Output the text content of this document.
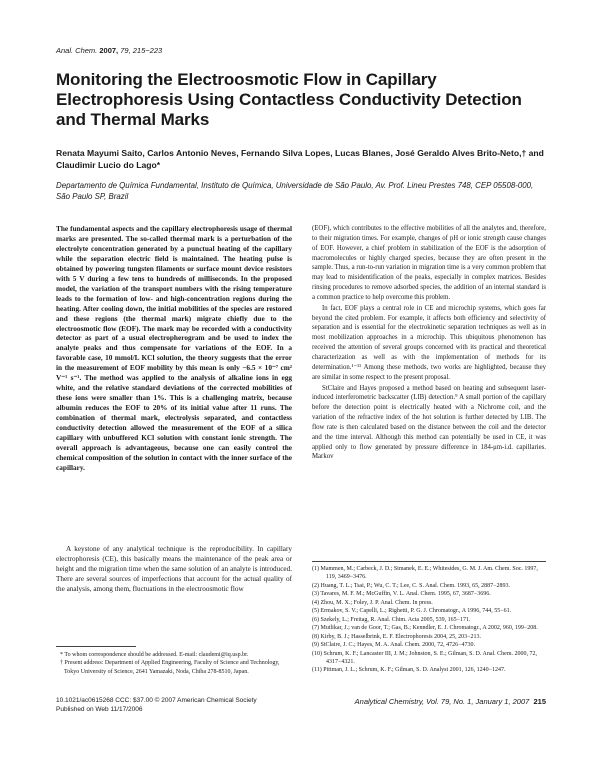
Anal. Chem. 2007, 79, 215−223
Monitoring the Electroosmotic Flow in Capillary Electrophoresis Using Contactless Conductivity Detection and Thermal Marks
Renata Mayumi Saito, Carlos Antonio Neves, Fernando Silva Lopes, Lucas Blanes, José Geraldo Alves Brito-Neto,† and Claudimir Lucio do Lago*
Departamento de Química Fundamental, Instituto de Química, Universidade de São Paulo, Av. Prof. Lineu Prestes 748, CEP 05508-000, São Paulo SP, Brazil
The fundamental aspects and the capillary electrophoresis usage of thermal marks are presented. The so-called thermal mark is a perturbation of the electrolyte concentration generated by a punctual heating of the capillary while the separation electric field is maintained. The heating pulse is obtained by powering tungsten filaments or surface mount device resistors with 5 V during a few tens to hundreds of milliseconds. In the proposed model, the variation of the transport numbers with the rising temperature leads to the formation of low- and high-concentration regions during the heating. After cooling down, the initial mobilities of the species are restored and these regions (the thermal mark) migrate chiefly due to the electroosmotic flow (EOF). The mark may be recorded with a conductivity detector as part of a usual electropherogram and be used to index the analyte peaks and thus compensate for variations of the EOF. In a favorable case, 10 mmol/L KCl solution, the theory suggests that the error in the measurement of EOF mobility by this mean is only −6.5 × 10⁻⁷ cm² V⁻¹ s⁻¹. The method was applied to the analysis of alkaline ions in egg white, and the relative standard deviations of the corrected mobilities of these ions were smaller than 1%. This is a challenging matrix, because albumin reduces the EOF to 20% of its initial value after 11 runs. The combination of thermal mark, electrolysis separated, and contactless conductivity detection allowed the measurement of the EOF of a silica capillary with unbuffered KCl solution with constant ionic strength. The overall approach is advantageous, because one can easily control the chemical composition of the solution in contact with the inner surface of the capillary.
A keystone of any analytical technique is the reproducibility. In capillary electrophoresis (CE), this basically means the maintenance of the peak area or height and the migration time when the same solution of an analyte is introduced. There are several sources of imperfections that account for the actual quality of the analysis, among them, fluctuations in the electroosmotic flow
* To whom correspondence should be addressed. E-mail: claudemi@iq.usp.br.
† Present address: Department of Applied Engineering, Faculty of Science and Technology, Tokyo University of Science, 2641 Yamazaki, Noda, Chiba 278-8510, Japan.

(EOF), which contributes to the effective mobilities of all the analytes and, therefore, to their migration times. For example, changes of pH or ionic strength cause changes of EOF. However, a chief problem in stabilization of the EOF is the adsorption of macromolecules or highly charged species, because they are often present in the sample. Thus, a run-to-run variation in migration time is a very common problem that may lead to misidentification of the peaks, especially in complex matrices. Besides rinsing procedures to remove adsorbed species, the addition of an internal standard is a common practice to help overcome this problem.

In fact, EOF plays a central role in CE and microchip systems, which goes far beyond the cited problem. For example, it affects both efficiency and selectivity of separation and is essential for the electrokinetic separation techniques as well as in most mobilization approaches in a microchip. This ubiquitous phenomenon has received the attention of several groups concerned with its practical and theoretical characterization as well as with the implementation of methods for its determination.¹⁻¹¹ Among these methods, two works are highlighted, because they are similar in some respect to the present proposal.

StClaire and Hayes proposed a method based on heating and subsequent laser-induced interferometric backscatter (LIB) detection.⁹ A small portion of the capillary before the detection point is electrically heated with a Nichrome coil, and the variation of the refractive index of the hot solution is further detected by LIB. The flow rate is then calculated based on the distance between the coil and the detector and the time interval. Although this method can potentially be used in CE, it was applied only to flow generated by pressure difference in 184-μm-i.d. capillaries. Markov

(1) Mammen, M.; Carbeck, J. D.; Simanek, E. E.; Whitesides, G. M. J. Am. Chem. Soc. 1997, 119, 3469−3476.
(2) Huang, T. L.; Tsai, P.; Wu, C. T.; Lee, C. S. Anal. Chem. 1993, 65, 2887−2893.
(3) Tavares, M. F. M.; McGuffin, V. L. Anal. Chem. 1995, 67, 3687−3696.
(4) Zhou, M. X.; Foley, J. P. Anal. Chem. In press.
(5) Ermakov, S. V.; Capelli, L.; Righetti, P. G. J. Chromatogr., A 1996, 744, 55−61.
(6) Szekely, L.; Freitag, R. Anal. Chim. Acta 2005, 539, 165−171.
(7) Mutlikar, J.; van de Goor, T.; Gas, B.; Kenndler, E. J. Chromatogr., A 2002, 960, 199−208.
(8) Kirby, B. J.; Hasselbrink, E. F. Electrophoresis 2004, 25, 203−213.
(9) StClaire, J. C.; Hayes, M. A. Anal. Chem. 2000, 72, 4726−4730.
(10) Schrum, K. F.; Lancaster III, J. M.; Johnston, S. E.; Gilman, S. D. Anal. Chem. 2000, 72, 4317−4321.
(11) Pittman, J. L.; Schrum, K. F.; Gilman, S. D. Analyst 2001, 126, 1240−1247.
10.1021/ac0615268 CCC: $37.00 © 2007 American Chemical Society
Published on Web 11/17/2006
Analytical Chemistry, Vol. 79, No. 1, January 1, 2007 215
